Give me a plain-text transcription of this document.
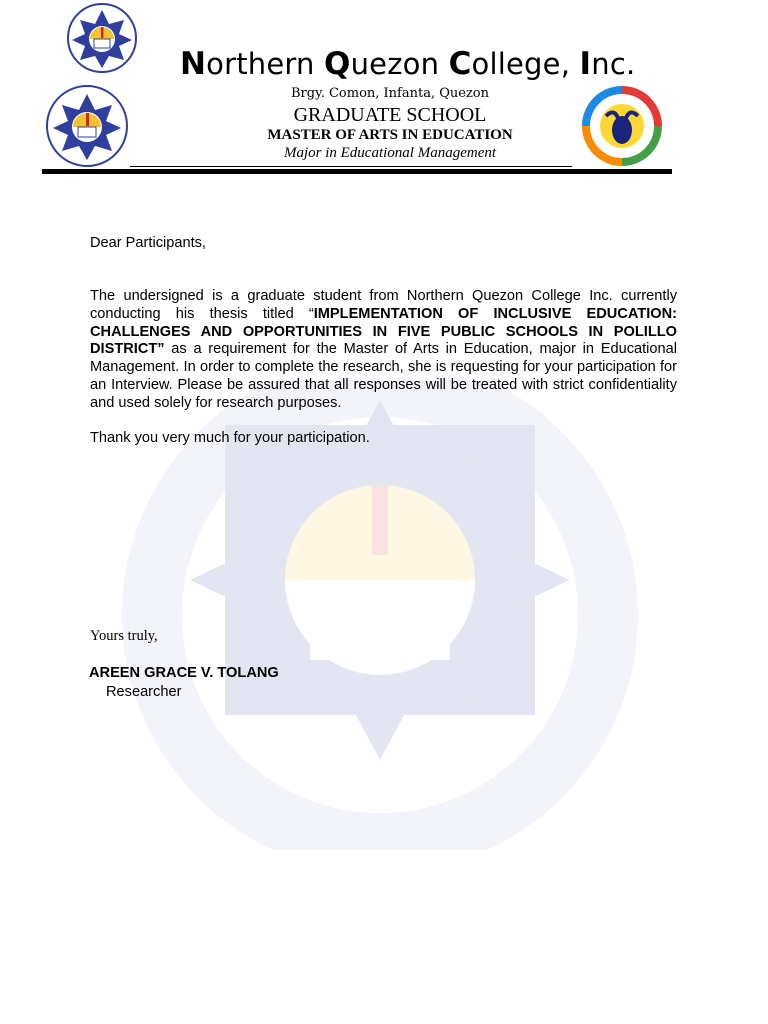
Northern Quezon College, Inc.
Brgy. Comon, Infanta, Quezon
GRADUATE SCHOOL
MASTER OF ARTS IN EDUCATION
Major in Educational Management
Dear Participants,
The undersigned is a graduate student from Northern Quezon College Inc. currently conducting his thesis titled “IMPLEMENTATION OF INCLUSIVE EDUCATION: CHALLENGES AND OPPORTUNITIES IN FIVE PUBLIC SCHOOLS IN POLILLO DISTRICT” as a requirement for the Master of Arts in Education, major in Educational Management. In order to complete the research, she is requesting for your participation for an Interview. Please be assured that all responses will be treated with strict confidentiality and used solely for research purposes.
Thank you very much for your participation.
Yours truly,
AREEN GRACE V. TOLANG
Researcher
